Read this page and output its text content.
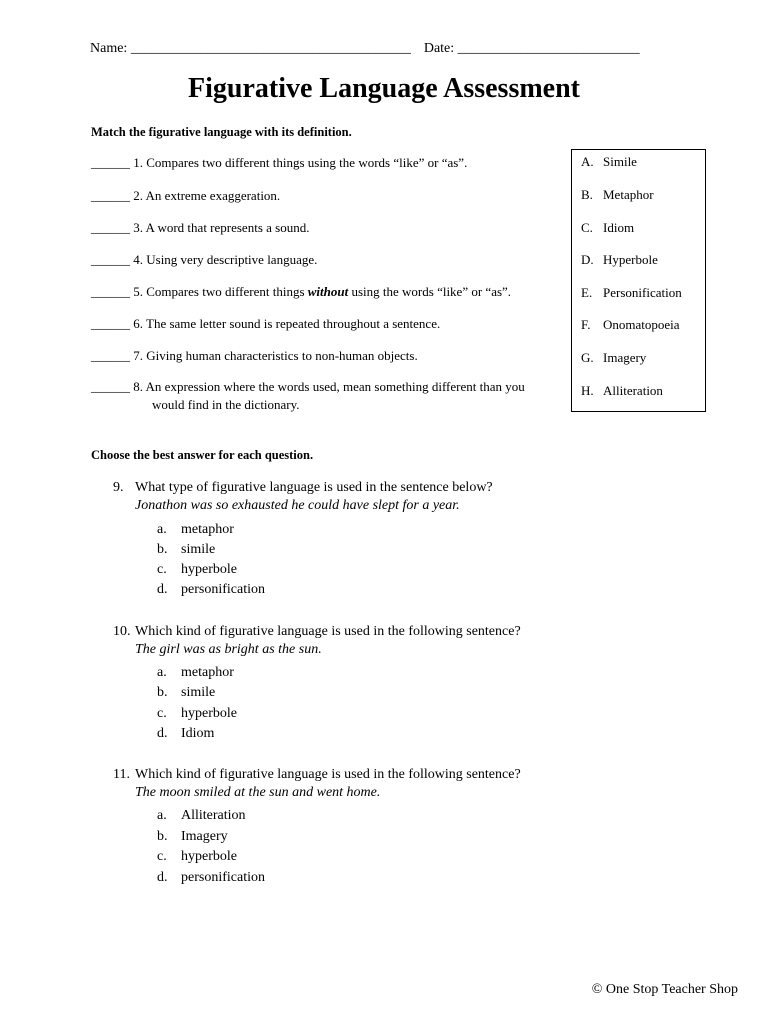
Name: ________________________________________ Date: __________________________
Figurative Language Assessment
Match the figurative language with its definition.
______ 1. Compares two different things using the words “like” or “as”.
______ 2. An extreme exaggeration.
______ 3. A word that represents a sound.
______ 4. Using very descriptive language.
______ 5. Compares two different things without using the words “like” or “as”.
______ 6. The same letter sound is repeated throughout a sentence.
______ 7. Giving human characteristics to non-human objects.
______ 8. An expression where the words used, mean something different than you
would find in the dictionary.
A. Simile
B. Metaphor
C. Idiom
D. Hyperbole
E. Personification
F. Onomatopoeia
G. Imagery
H. Alliteration
Choose the best answer for each question.
9. What type of figurative language is used in the sentence below?
Jonathon was so exhausted he could have slept for a year.
a. metaphor
b. simile
c. hyperbole
d. personification
10. Which kind of figurative language is used in the following sentence?
The girl was as bright as the sun.
a. metaphor
b. simile
c. hyperbole
d. Idiom
11. Which kind of figurative language is used in the following sentence?
The moon smiled at the sun and went home.
a. Alliteration
b. Imagery
c. hyperbole
d. personification
© One Stop Teacher Shop
